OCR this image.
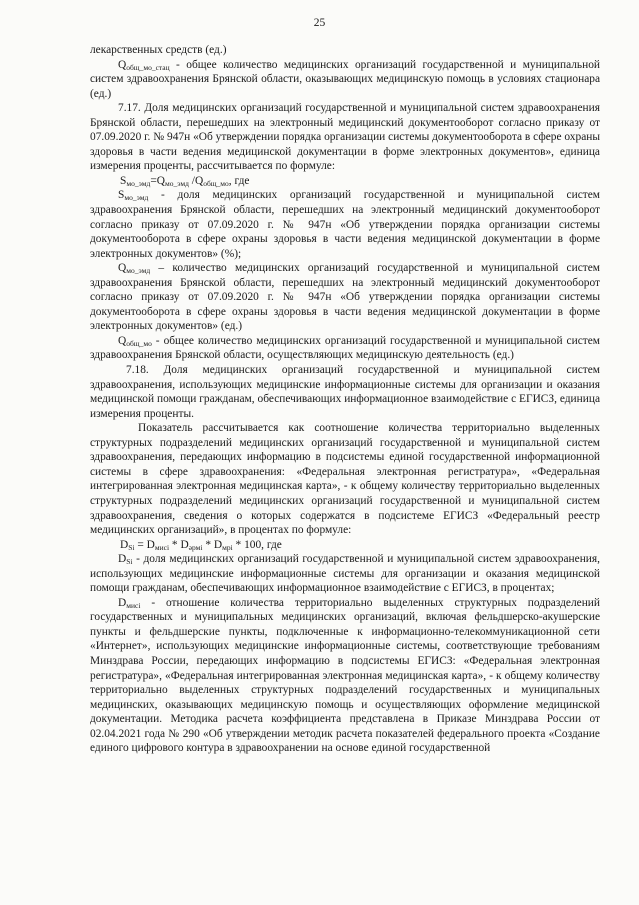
25

лекарственных средств (ед.)

$Q_{общ\_мо\_стац}$ - общее количество медицинских организаций государственной и муниципальной систем здравоохранения Брянской области, оказывающих медицинскую помощь в условиях стационара (ед.)

7.17. Доля медицинских организаций государственной и муниципальной систем здравоохранения Брянской области, перешедших на электронный медицинский документооборот согласно приказу от 07.09.2020 г. № 947н «Об утверждении порядка организации системы документооборота в сфере охраны здоровья в части ведения медицинской документации в форме электронных документов», единица измерения проценты, рассчитывается по формуле:

$S_{мо\_эмд}=Q_{мо\_эмд}$ $/Q_{общ\_мо}$, где

$S_{мо\_эмд}$ - доля медицинских организаций государственной и муниципальной систем здравоохранения Брянской области, перешедших на электронный медицинский документооборот согласно приказу от 07.09.2020 г. № 947н «Об утверждении порядка организации системы документооборота в сфере охраны здоровья в части ведения медицинской документации в форме электронных документов» (%);

$Q_{мо\_эмд}$ – количество медицинских организаций государственной и муниципальной систем здравоохранения Брянской области, перешедших на электронный медицинский документооборот согласно приказу от 07.09.2020 г. № 947н «Об утверждении порядка организации системы документооборота в сфере охраны здоровья в части ведения медицинской документации в форме электронных документов» (ед.)

$Q_{общ\_мо}$ - общее количество медицинских организаций государственной и муниципальной систем здравоохранения Брянской области, осуществляющих медицинскую деятельность (ед.)

7.18. Доля медицинских организаций государственной и муниципальной систем здравоохранения, использующих медицинские информационные системы для организации и оказания медицинской помощи гражданам, обеспечивающих информационное взаимодействие с ЕГИСЗ, единица измерения проценты.

Показатель рассчитывается как соотношение количества территориально выделенных структурных подразделений медицинских организаций государственной и муниципальной систем здравоохранения, передающих информацию в подсистемы единой государственной информационной системы в сфере здравоохранения: «Федеральная электронная регистратура», «Федеральная интегрированная электронная медицинская карта», - к общему количеству территориально выделенных структурных подразделений медицинских организаций государственной и муниципальной систем здравоохранения, сведения о которых содержатся в подсистеме ЕГИСЗ «Федеральный реестр медицинских организаций», в процентах по формуле:

$D_{Si} = D_{мисi} * D_{ǝрмi} * D_{мрi} * 100$, где

$D_{Si}$ - доля медицинских организаций государственной и муниципальной систем здравоохранения, использующих медицинские информационные системы для организации и оказания медицинской помощи гражданам, обеспечивающих информационное взаимодействие с ЕГИСЗ, в процентах;

$D_{мисi}$ - отношение количества территориально выделенных структурных подразделений государственных и муниципальных медицинских организаций, включая фельдшерско-акушерские пункты и фельдшерские пункты, подключенные к информационно-телекоммуникационной сети «Интернет», использующих медицинские информационные системы, соответствующие требованиям Минздрава России, передающих информацию в подсистемы ЕГИСЗ: «Федеральная электронная регистратура», «Федеральная интегрированная электронная медицинская карта», - к общему количеству территориально выделенных структурных подразделений государственных и муниципальных медицинских, оказывающих медицинскую помощь и осуществляющих оформление медицинской документации. Методика расчета коэффициента представлена в Приказе Минздрава России от 02.04.2021 года № 290 «Об утверждении методик расчета показателей федерального проекта «Создание единого цифрового контура в здравоохранении на основе единой государственной
